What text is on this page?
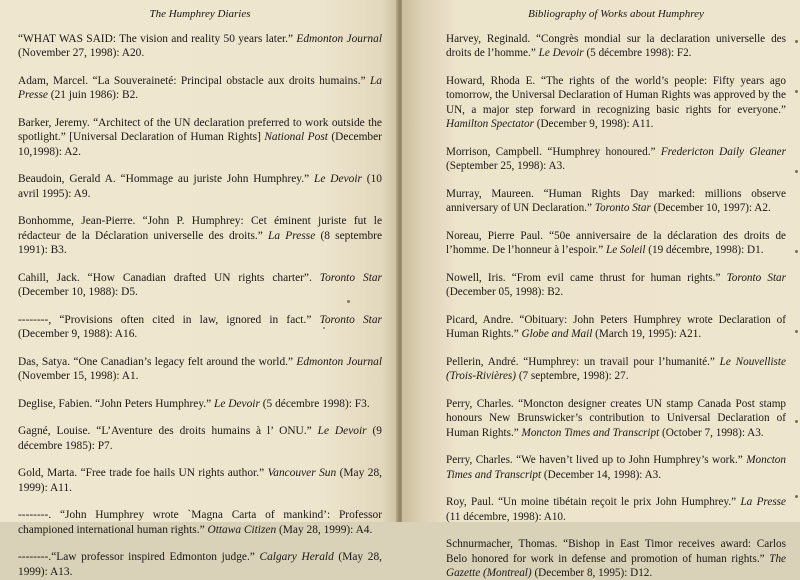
The Humphrey Diaries
“WHAT WAS SAID: The vision and reality 50 years later.” Edmonton Journal (November 27, 1998): A20.
Adam, Marcel. “La Souveraineté: Principal obstacle aux droits humains.” La Presse (21 juin 1986): B2.
Barker, Jeremy. “Architect of the UN declaration preferred to work outside the spotlight.” [Universal Declaration of Human Rights] National Post (December 10,1998): A2.
Beaudoin, Gerald A. “Hommage au juriste John Humphrey.” Le Devoir (10 avril 1995): A9.
Bonhomme, Jean-Pierre. “John P. Humphrey: Cet éminent juriste fut le rédacteur de la Déclaration universelle des droits.” La Presse (8 septembre 1991): B3.
Cahill, Jack. “How Canadian drafted UN rights charter”. Toronto Star (December 10, 1988): D5.
--------, “Provisions often cited in law, ignored in fact.” Toronto Star (December 9, 1988): A16.
Das, Satya. “One Canadian’s legacy felt around the world.” Edmonton Journal (November 15, 1998): A1.
Deglise, Fabien. “John Peters Humphrey.” Le Devoir (5 décembre 1998): F3.
Gagné, Louise. “L’Aventure des droits humains à l’ ONU.” Le Devoir (9 décembre 1985): P7.
Gold, Marta. “Free trade foe hails UN rights author.” Vancouver Sun (May 28, 1999): A11.
--------. “John Humphrey wrote `Magna Carta of mankind’: Professor championed international human rights.” Ottawa Citizen (May 28, 1999): A4.
--------.“Law professor inspired Edmonton judge.” Calgary Herald (May 28, 1999): A13.
Bibliography of Works about Humphrey
Harvey, Reginald. “Congrès mondial sur la declaration universelle des droits de l’homme.” Le Devoir (5 décembre 1998): F2.
Howard, Rhoda E. “The rights of the world’s people: Fifty years ago tomorrow, the Universal Declaration of Human Rights was approved by the UN, a major step forward in recognizing basic rights for everyone.” Hamilton Spectator (December 9, 1998): A11.
Morrison, Campbell. “Humphrey honoured.” Fredericton Daily Gleaner (September 25, 1998): A3.
Murray, Maureen. “Human Rights Day marked: millions observe anniversary of UN Declaration.” Toronto Star (December 10, 1997): A2.
Noreau, Pierre Paul. “50e anniversaire de la déclaration des droits de l’homme. De l’honneur à l’espoir.” Le Soleil (19 décembre, 1998): D1.
Nowell, Iris. “From evil came thrust for human rights.” Toronto Star (December 05, 1998): B2.
Picard, Andre. “Obituary: John Peters Humphrey wrote Declaration of Human Rights.” Globe and Mail (March 19, 1995): A21.
Pellerin, André. “Humphrey: un travail pour l’humanité.” Le Nouvelliste (Trois-Rivières) (7 septembre, 1998): 27.
Perry, Charles. “Moncton designer creates UN stamp Canada Post stamp honours New Brunswicker’s contribution to Universal Declaration of Human Rights.” Moncton Times and Transcript (October 7, 1998): A3.
Perry, Charles. “We haven’t lived up to John Humphrey’s work.” Moncton Times and Transcript (December 14, 1998): A3.
Roy, Paul. “Un moine tibétain reçoit le prix John Humphrey.” La Presse (11 décembre, 1998): A10.
Schnurmacher, Thomas. “Bishop in East Timor receives award: Carlos Belo honored for work in defense and promotion of human rights.” The Gazette (Montreal) (December 8, 1995): D12.
